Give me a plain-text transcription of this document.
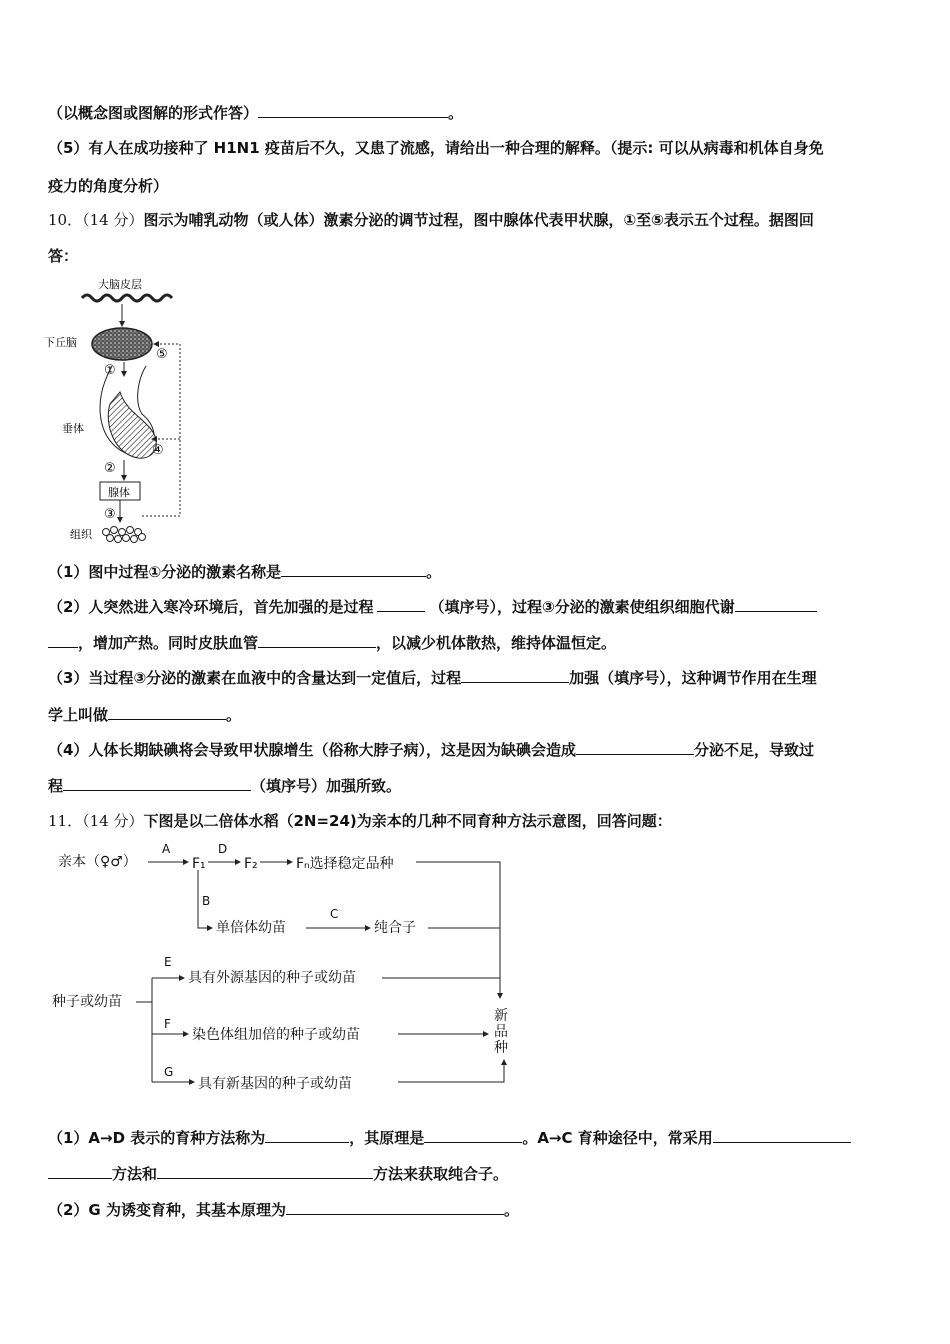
（以概念图或图解的形式作答）	。
（5）有人在成功接种了 H1N1 疫苗后不久，又患了流感，请给出一种合理的解释。（提示: 可以从病毒和机体自身免
疫力的角度分析）
10．（14 分）图示为哺乳动物（或人体）激素分泌的调节过程，图中腺体代表甲状腺，①至⑤表示五个过程。据图回
答：
大脑皮层
下丘脑
⑤
①
垂体
④
②
腺体
③
组织
（1）图中过程①分泌的激素名称是	。
（2）人突然进入寒冷环境后，首先加强的是过程	（填序号），过程③分泌的激素使组织细胞代谢
，增加产热。同时皮肤血管	，以减少机体散热，维持体温恒定。
（3）当过程③分泌的激素在血液中的含量达到一定值后，过程	加强（填序号），这种调节作用在生理
学上叫做	。
（4）人体长期缺碘将会导致甲状腺增生（俗称大脖子病），这是因为缺碘会造成	分泌不足，导致过
程	（填序号）加强所致。
11．（14 分）下图是以二倍体水稻（2N=24)为亲本的几种不同育种方法示意图，回答问题：
亲本（♀♂）
A
F₁
D
F₂	Fₙ选择稳定品种
B
单倍体幼苗
C
纯合子
种子或幼苗
E
具有外源基因的种子或幼苗
F
染色体组加倍的种子或幼苗
G
具有新基因的种子或幼苗
新
品
种
（1）A→D 表示的育种方法称为	，其原理是	。A→C 育种途径中，常采用
方法和	方法来获取纯合子。
（2）G 为诱变育种，其基本原理为	。
